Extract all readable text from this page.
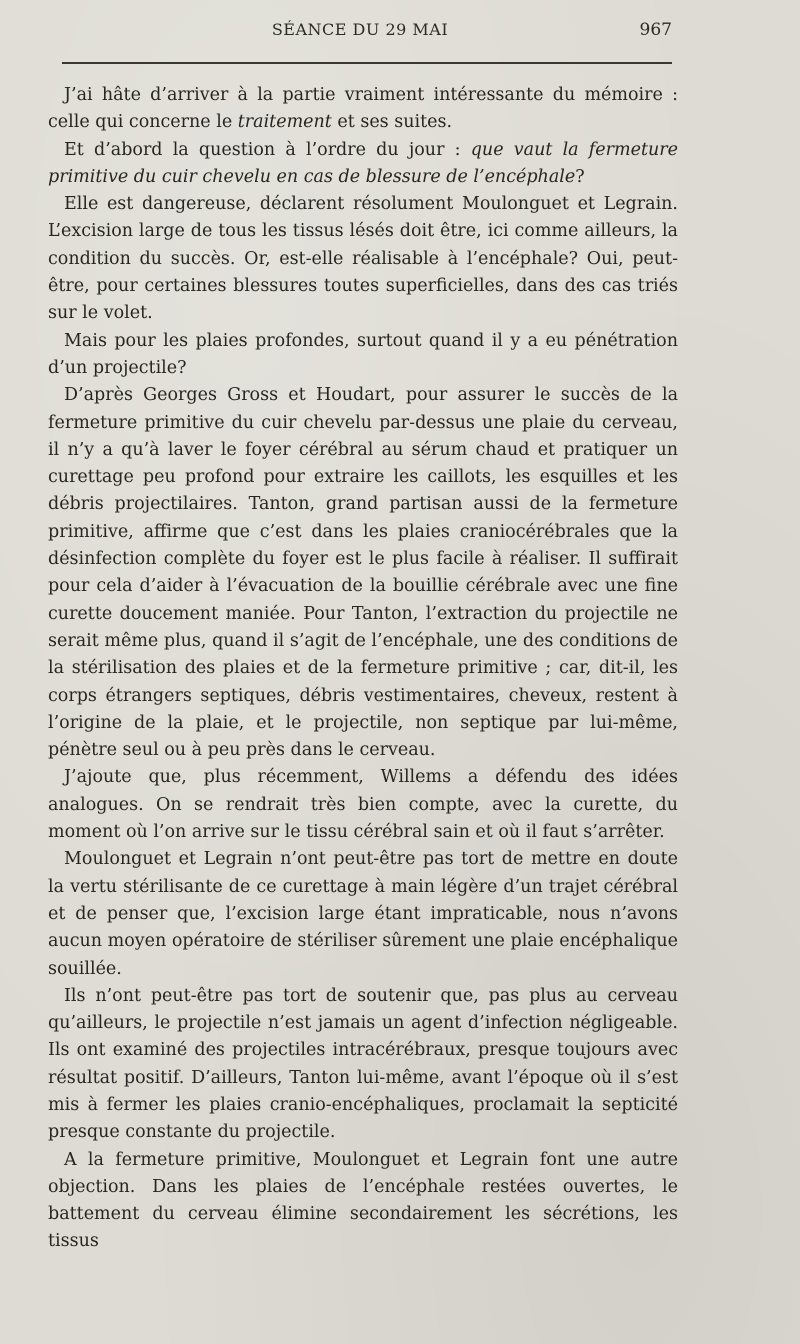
SÉANCE DU 29 MAI	967

J’ai hâte d’arriver à la partie vraiment intéressante du mémoire : celle qui concerne le traitement et ses suites.

Et d’abord la question à l’ordre du jour : que vaut la fermeture primitive du cuir chevelu en cas de blessure de l’encéphale?

Elle est dangereuse, déclarent résolument Moulonguet et Legrain. L’excision large de tous les tissus lésés doit être, ici comme ailleurs, la condition du succès. Or, est-elle réalisable à l’encéphale? Oui, peut-être, pour certaines blessures toutes superficielles, dans des cas triés sur le volet.

Mais pour les plaies profondes, surtout quand il y a eu pénétration d’un projectile?

D’après Georges Gross et Houdart, pour assurer le succès de la fermeture primitive du cuir chevelu par-dessus une plaie du cerveau, il n’y a qu’à laver le foyer cérébral au sérum chaud et pratiquer un curettage peu profond pour extraire les caillots, les esquilles et les débris projectilaires. Tanton, grand partisan aussi de la fermeture primitive, affirme que c’est dans les plaies craniocérébrales que la désinfection complète du foyer est le plus facile à réaliser. Il suffirait pour cela d’aider à l’évacuation de la bouillie cérébrale avec une fine curette doucement maniée. Pour Tanton, l’extraction du projectile ne serait même plus, quand il s’agit de l’encéphale, une des conditions de la stérilisation des plaies et de la fermeture primitive ; car, dit-il, les corps étrangers septiques, débris vestimentaires, cheveux, restent à l’origine de la plaie, et le projectile, non septique par lui-même, pénètre seul ou à peu près dans le cerveau.

J’ajoute que, plus récemment, Willems a défendu des idées analogues. On se rendrait très bien compte, avec la curette, du moment où l’on arrive sur le tissu cérébral sain et où il faut s’arrêter.

Moulonguet et Legrain n’ont peut-être pas tort de mettre en doute la vertu stérilisante de ce curettage à main légère d’un trajet cérébral et de penser que, l’excision large étant impraticable, nous n’avons aucun moyen opératoire de stériliser sûrement une plaie encéphalique souillée.

Ils n’ont peut-être pas tort de soutenir que, pas plus au cerveau qu’ailleurs, le projectile n’est jamais un agent d’infection négligeable. Ils ont examiné des projectiles intracérébraux, presque toujours avec résultat positif. D’ailleurs, Tanton lui-même, avant l’époque où il s’est mis à fermer les plaies cranio-encéphaliques, proclamait la septicité presque constante du projectile.

A la fermeture primitive, Moulonguet et Legrain font une autre objection. Dans les plaies de l’encéphale restées ouvertes, le battement du cerveau élimine secondairement les sécrétions, les tissus
